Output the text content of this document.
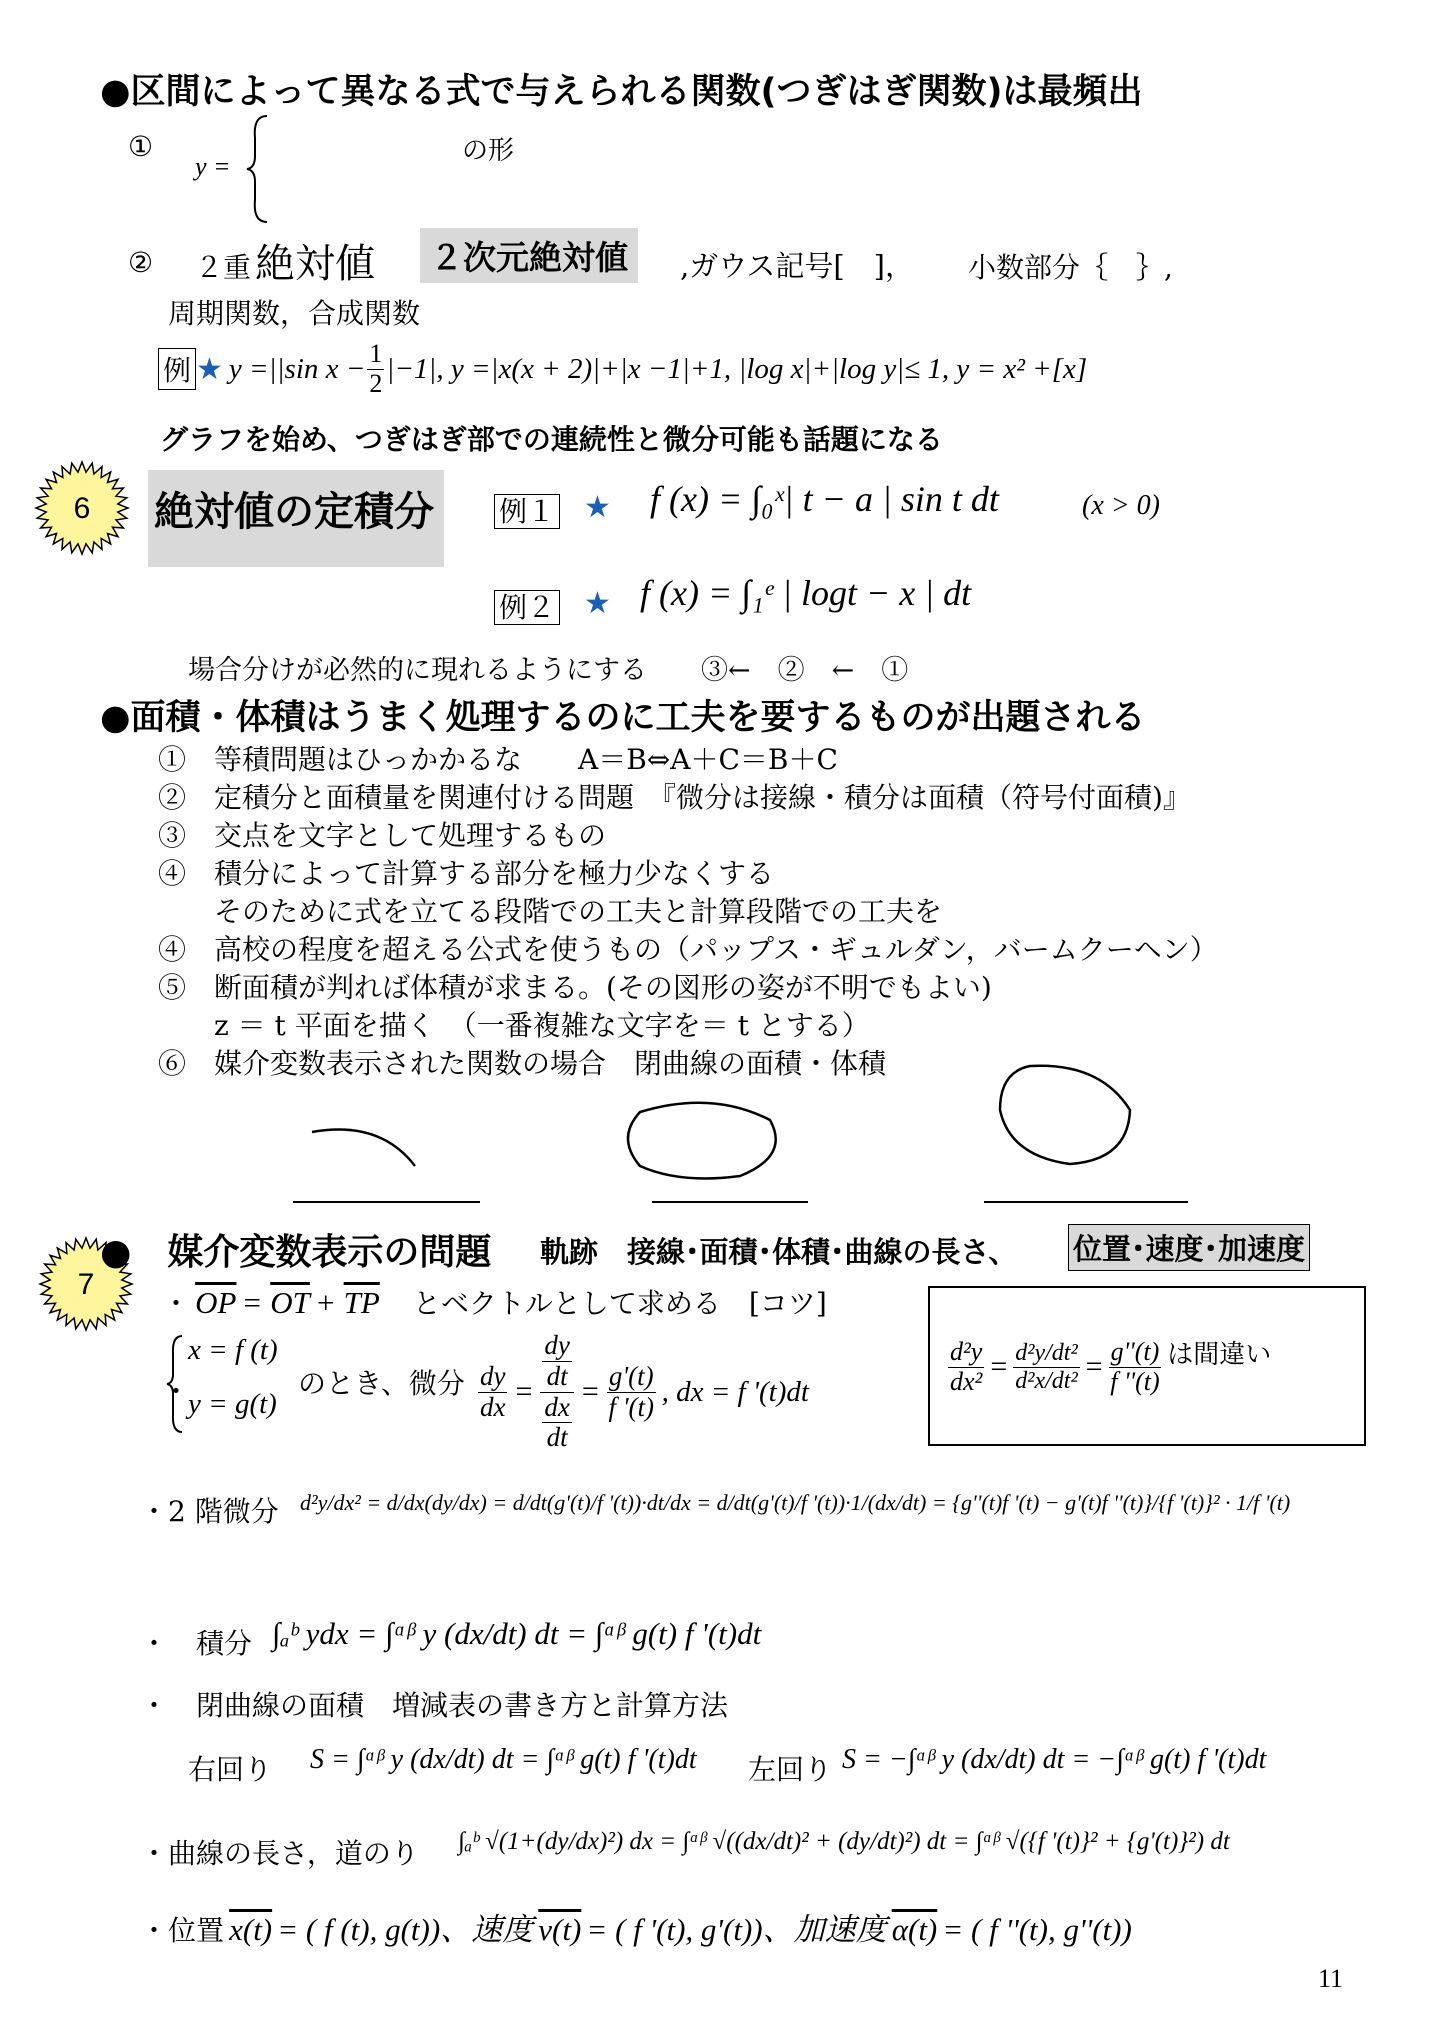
●区間によって異なる式で与えられる関数(つぎはぎ関数)は最頻出
①
y =
の形
② ２重 絶対値	２次元絶対値	,ガウス記号[　]， 小数部分｛　｝,
周期関数，合成関数
例 ★ y =||sin $x - \frac{1}{2} |-1|$, y =|x(x + 2)|+|x −1|+1, |log x|+|log y|≤ 1, y = x² +[x]
グラフを始め、つぎはぎ部での連続性と微分可能も話題になる
6 絶対値の定積分	例１ ★ f (x) = ∫₀ˣ| t − a | sin t dt	(x > 0)
例２ ★ f (x) = ∫₁ᵉ | logt − x | dt
場合分けが必然的に現れるようにする　　③←　②　←　①
●面積・体積はうまく処理するのに工夫を要するものが出題される
①　等積問題はひっかかるな　　A＝B⇔A＋C＝B＋C
②　定積分と面積量を関連付ける問題　『微分は接線・積分は面積（符号付面積)』
③　交点を文字として処理するもの
④　積分によって計算する部分を極力少なくする
　　そのために式を立てる段階での工夫と計算段階での工夫を
④　高校の程度を超える公式を使うもの（パップス・ギュルダン，バームクーヘン）
⑤　断面積が判れば体積が求まる。(その図形の姿が不明でもよい)
　　z ＝ t 平面を描く　（一番複雑な文字を＝ t とする）
⑥　媒介変数表示された関数の場合　閉曲線の面積・体積
7
●　媒介変数表示の問題 軌跡　接線･面積･体積･曲線の長さ、 位置･速度･加速度
・ $\overline{OP} = \overline{OT} + \overline{TP}$ 　とベクトルとして求める　[コツ]
・
x = f (t)
y = g(t)
のとき、微分 $\frac{dy}{dx} = \frac{\frac{dy}{dt}}{\frac{dx}{dt}} = \frac{g'(t)}{f '(t)}$ , dx = f '(t)dt	$\frac{\text{d²y}}{\text{dx²}} = \frac{\text{d²y/dt²}}{\text{d²x/dt²}} = \frac{g''(t)}{f ''(t)}$ は間違い
・2 階微分 d²y/dx² = d/dx(dy/dx) = d/dt(g'(t)/f '(t))·dt/dx = d/dt(g'(t)/f '(t))·1/(dx/dt) = {g''(t)f '(t) − g'(t)f ''(t)}/{f '(t)}² · 1/f '(t)
・　積分 ∫ₐᵇ ydx = ∫ᵅᵝ y (dx/dt) dt = ∫ᵅᵝ g(t) f '(t)dt
・　閉曲線の面積　増減表の書き方と計算方法
右回り S = ∫ᵅᵝ y (dx/dt) dt = ∫ᵅᵝ g(t) f '(t)dt 左回り S = −∫ᵅᵝ y (dx/dt) dt = −∫ᵅᵝ g(t) f '(t)dt
・曲線の長さ，道のり ∫ₐᵇ √(1+(dy/dx)²) dx = ∫ᵅᵝ √((dx/dt)² + (dy/dt)²) dt = ∫ᵅᵝ √({f '(t)}² + {g'(t)}²) dt
・位置 x(t) = ( f (t), g(t))、速度 v(t) = ( f '(t), g'(t))、加速度 α(t) = ( f ''(t), g''(t))
11
